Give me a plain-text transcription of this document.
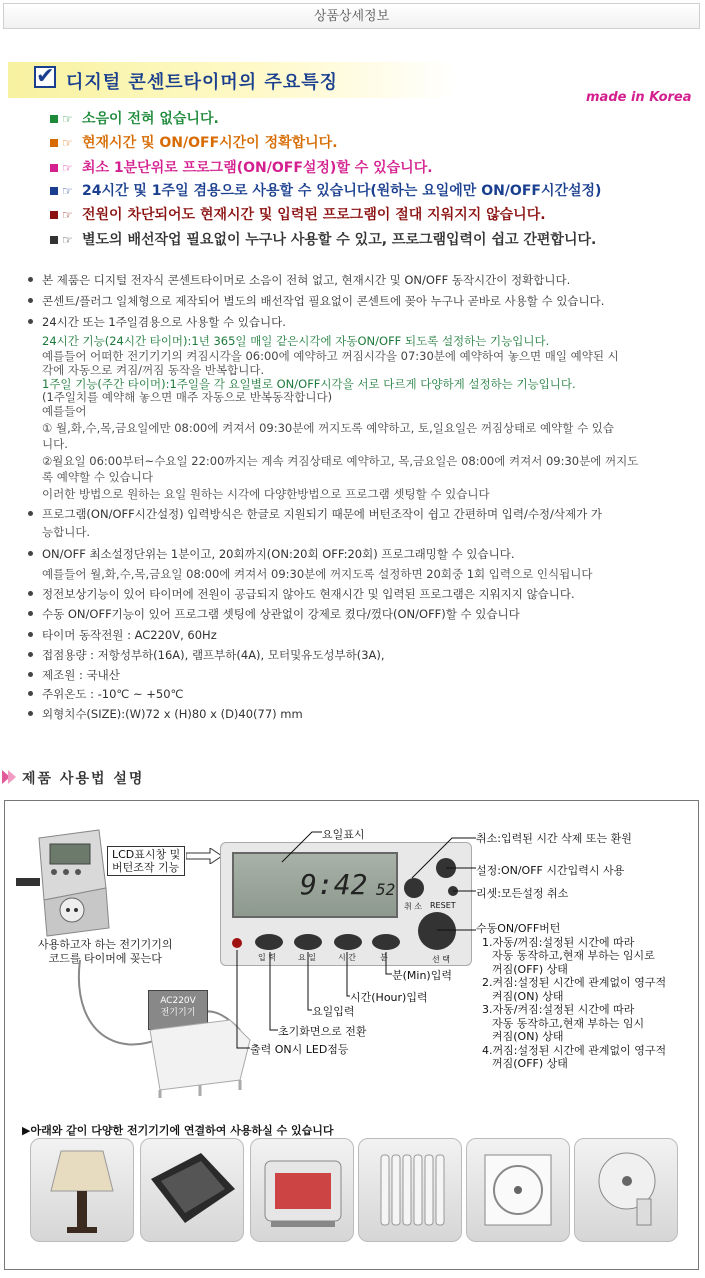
상품상세정보
✔ 디지털 콘센트타이머의 주요특징
made in Korea
☞ 소음이 전혀 없습니다.
☞ 현재시간 및 ON/OFF시간이 정확합니다.
☞ 최소 1분단위로 프로그램(ON/OFF설정)할 수 있습니다.
☞ 24시간 및 1주일 겸용으로 사용할 수 있습니다(원하는 요일에만 ON/OFF시간설정)
☞ 전원이 차단되어도 현재시간 및 입력된 프로그램이 절대 지워지지 않습니다.
☞ 별도의 배선작업 필요없이 누구나 사용할 수 있고, 프로그램입력이 쉽고 간편합니다.
본 제품은 디지털 전자식 콘센트타이머로 소음이 전혀 없고, 현재시간 및 ON/OFF 동작시간이 정확합니다.
콘센트/플러그 일체형으로 제작되어 별도의 배선작업 필요없이 콘센트에 꽂아 누구나 곧바로 사용할 수 있습니다.
24시간 또는 1주일겸용으로 사용할 수 있습니다.
24시간 기능(24시간 타이머):1년 365일 매일 같은시각에 자동ON/OFF 되도록 설정하는 기능입니다.
예를들어 어떠한 전기기기의 켜짐시각을 06:00에 예약하고 꺼짐시각을 07:30분에 예약하여 놓으면 매일 예약된 시
각에 자동으로 켜짐/꺼짐 동작을 반복합니다.
1주일 기능(주간 타이머):1주일을 각 요일별로 ON/OFF시각을 서로 다르게 다양하게 설정하는 기능입니다.
(1주일치를 예약해 놓으면 매주 자동으로 반복동작합니다)
예를들어
① 월,화,수,목,금요일에만 08:00에 켜져서 09:30분에 꺼지도록 예약하고, 토,일요일은 꺼짐상태로 예약할 수 있습
니다.
②월요일 06:00부터~수요일 22:00까지는 계속 켜짐상태로 예약하고, 목,금요일은 08:00에 켜져서 09:30분에 꺼지도
록 예약할 수 있습니다
이러한 방법으로 원하는 요일 원하는 시각에 다양한방법으로 프로그램 셋팅할 수 있습니다
프로그램(ON/OFF시간설정) 입력방식은 한글로 지원되기 때문에 버턴조작이 쉽고 간편하며 입력/수정/삭제가 가
능합니다.
ON/OFF 최소설정단위는 1분이고, 20회까지(ON:20회 OFF:20회) 프로그래밍할 수 있습니다.
예를들어 월,화,수,목,금요일 08:00에 켜져서 09:30분에 꺼지도록 설정하면 20회중 1회 입력으로 인식됩니다
정전보상기능이 있어 타이머에 전원이 공급되지 않아도 현재시간 및 입력된 프로그램은 지워지지 않습니다.
수동 ON/OFF기능이 있어 프로그램 셋팅에 상관없이 강제로 켰다/껐다(ON/OFF)할 수 있습니다
타이머 동작전원 : AC220V, 60Hz
접점용량 : 저항성부하(16A), 램프부하(4A), 모터및유도성부하(3A),
제조원 : 국내산
주위온도 : -10℃ ~ +50℃
외형치수(SIZE):(W)72 x (H)80 x (D)40(77) mm
제품 사용법 설명
LCD표시창 및
버턴조작 기능
사용하고자 하는 전기기기의
코드를 타이머에 꽂는다
AC220V
전기기기
9:42 52
취 소 RESET
선 택
입 력	요 일	시 간	분
요일표시	취소:입력된 시간 삭제 또는 환원
설정:ON/OFF 시간입력시 사용
리셋:모든설정 취소
수동ON/OFF버턴
1.자동/꺼짐:설정된 시간에 따라
자동 동작하고,현재 부하는 임시로
꺼짐(OFF) 상태
2.켜짐:설정된 시간에 관계없이 영구적
켜짐(ON) 상태
3.자동/켜짐:설정된 시간에 따라
자동 동작하고,현재 부하는 임시
켜짐(ON) 상태
4.꺼짐:설정된 시간에 관계없이 영구적
꺼짐(OFF) 상태
분(Min)입력
시간(Hour)입력
요일입력
초기화면으로 전환
출력 ON시 LED점등
▶아래와 같이 다양한 전기기기에 연결하여 사용하실 수 있습니다
